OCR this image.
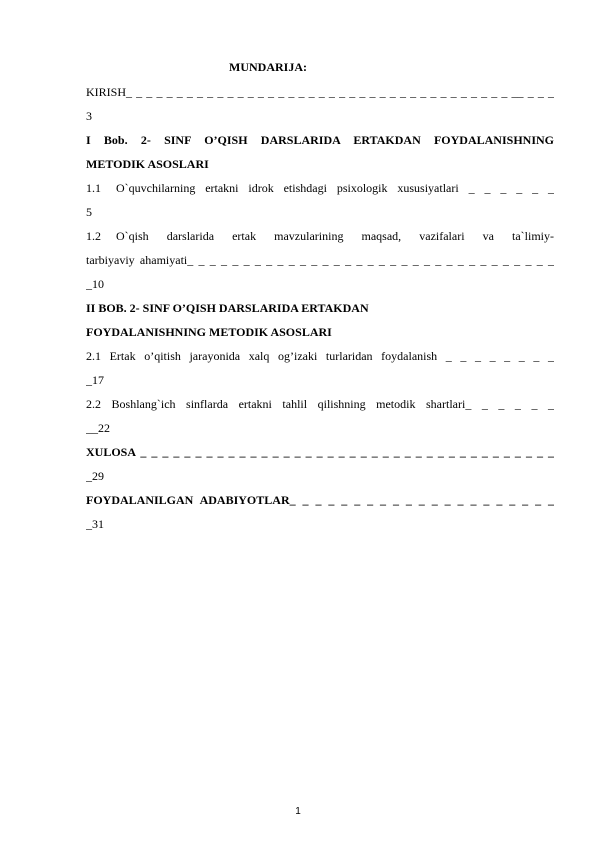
MUNDARIJA:
KIRISH_ _ _ _ _ _ _ _ _ _ _ _ _ _ _ _ _ _ _ _ _ _ _ _ _ _ _ _ _ _ _ _ _ _ _ _ _ _ __ _ _ _
3
I Bob. 2- SINF O’QISH DARSLARIDA ERTAKDAN FOYDALANISHNING
METODIK ASOSLARI
1.1	O`quvchilarning ertakni idrok etishdagi psixologik xususiyatlari _ _ _ _ _ _
5
1.2	O`qish darslarida ertak mavzularining maqsad, vazifalari va ta`limiy-
tarbiyaviy ahamiyati_ _ _ _ _ _ _ _ _ _ _ _ _ _ _ _ _ _ _ _ _ _ _ _ _ _ _ _ _ _ _ _ _
_10
II BOB. 2- SINF O’QISH DARSLARIDA ERTAKDAN
FOYDALANISHNING METODIK ASOSLARI
2.1 Ertak o’qitish jarayonida xalq og’izaki turlaridan foydalanish _ _ _ _ _ _ _ _
_17
2.2 Boshlang`ich sinflarda ertakni tahlil qilishning metodik shartlari_ _ _ _ _ _
__22
XULOSA _ _ _ _ _ _ _ _ _ _ _ _ _ _ _ _ _ _ _ _ _ _ _ _ _ _ _ _ _ _ _ _ _ _ _ _ _ _
_29
FOYDALANILGAN ADABIYOTLAR_ _ _ _ _ _ _ _ _ _ _ _ _ _ _ _ _ _ _ _ _
_31
1
